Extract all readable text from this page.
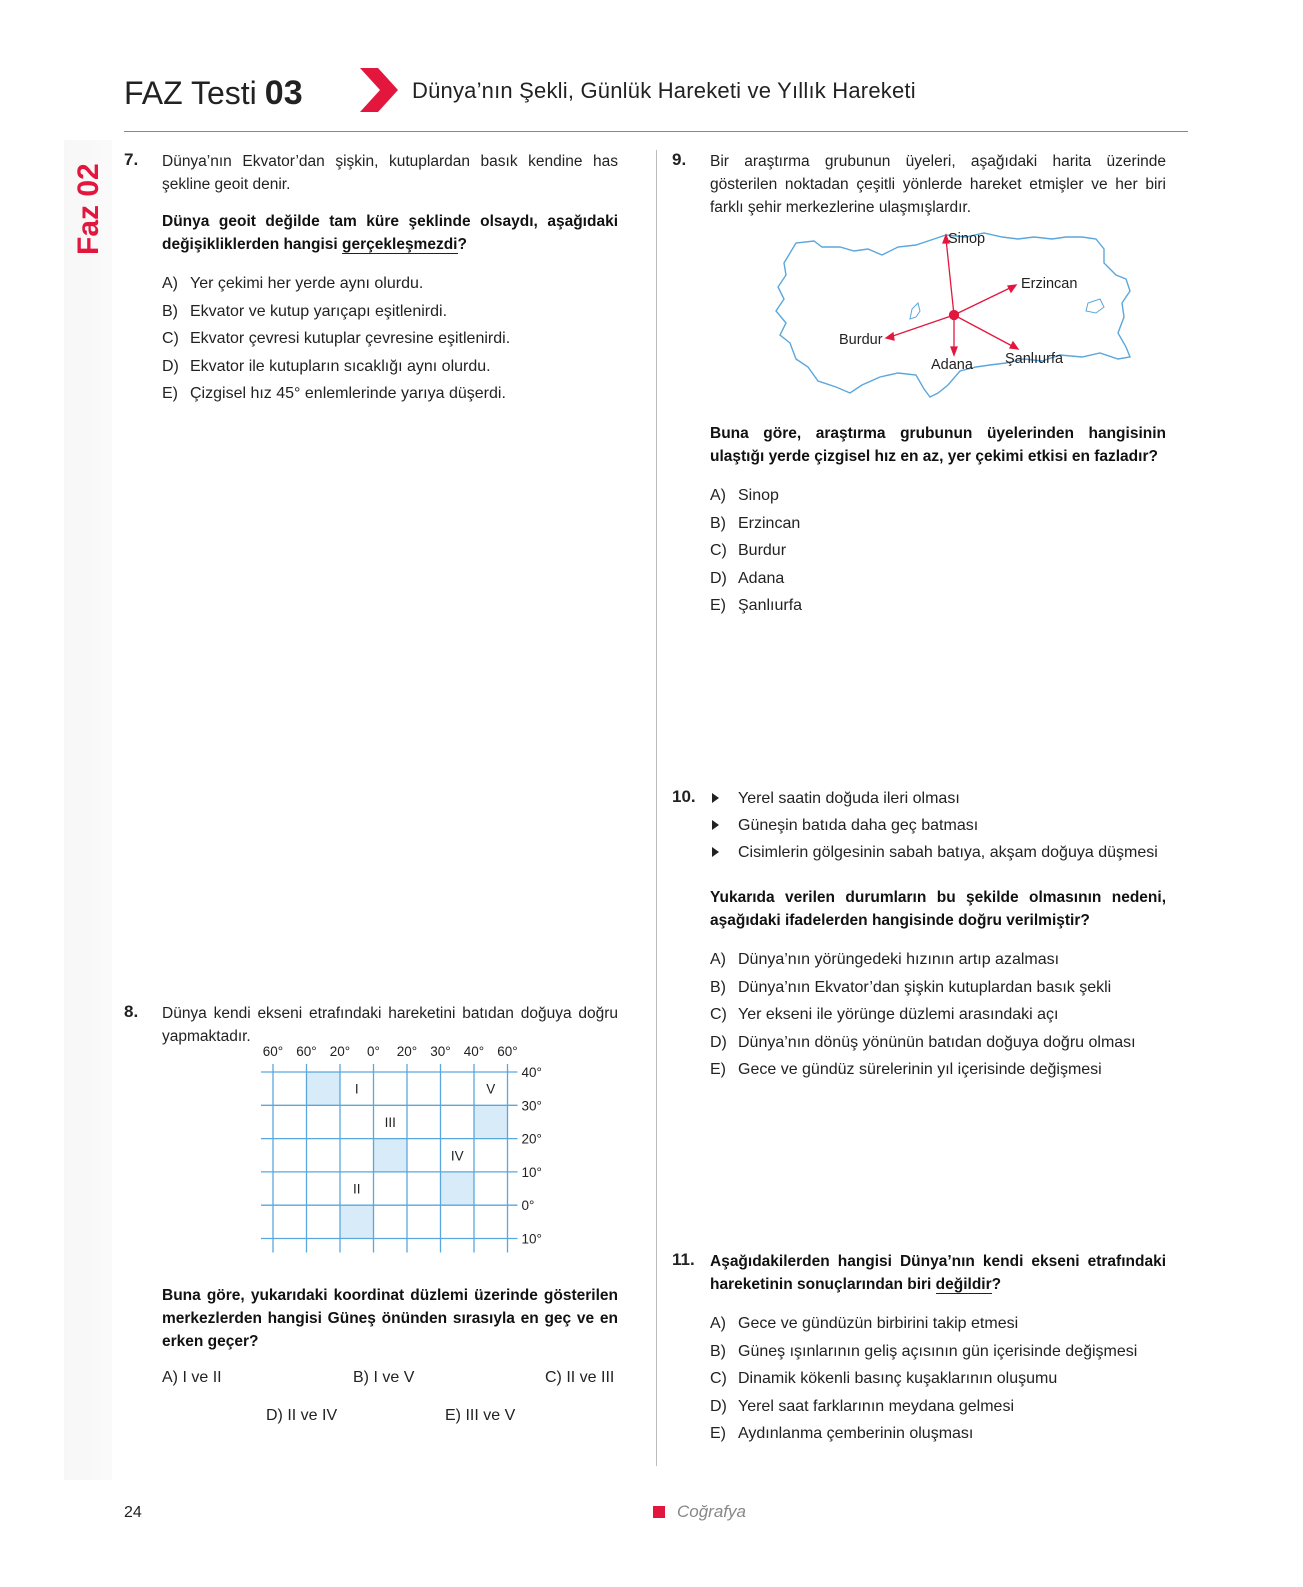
FAZ Testi 03	Dünya’nın Şekli, Günlük Hareketi ve Yıllık Hareketi
Faz 02
7. Dünya’nın Ekvator’dan şişkin, kutuplardan basık kendine has şekline geoit denir.

Dünya geoit değilde tam küre şeklinde olsaydı, aşağıdaki değişikliklerden hangisi gerçekleşmezdi?

A) Yer çekimi her yerde aynı olurdu.
B) Ekvator ve kutup yarıçapı eşitlenirdi.
C) Ekvator çevresi kutuplar çevresine eşitlenirdi.
D) Ekvator ile kutupların sıcaklığı aynı olurdu.
E) Çizgisel hız 45° enlemlerinde yarıya düşerdi.
8. Dünya kendi ekseni etrafındaki hareketini batıdan doğuya doğru yapmaktadır.

60° 60° 20° 0° 20° 30° 40° 60°
40°
30°
20°
10°
0°
10°
I	V
III
IV
II

Buna göre, yukarıdaki koordinat düzlemi üzerinde gösterilen merkezlerden hangisi Güneş önünden sırasıyla en geç ve en erken geçer?

A) I ve II	B) I ve V	C) II ve III
D) II ve IV	E) III ve V
9. Bir araştırma grubunun üyeleri, aşağıdaki harita üzerinde gösterilen noktadan çeşitli yönlerde hareket etmişler ve her biri farklı şehir merkezlerine ulaşmışlardır.

Sinop
Erzincan
Burdur
Adana Şanlıurfa

Buna göre, araştırma grubunun üyelerinden hangisinin ulaştığı yerde çizgisel hız en az, yer çekimi etkisi en fazladır?

A) Sinop
B) Erzincan
C) Burdur
D) Adana
E) Şanlıurfa
10.	Yerel saatin doğuda ileri olması
Güneşin batıda daha geç batması
Cisimlerin gölgesinin sabah batıya, akşam doğuya düşmesi

Yukarıda verilen durumların bu şekilde olmasının nedeni, aşağıdaki ifadelerden hangisinde doğru verilmiştir?

A) Dünya’nın yörüngedeki hızının artıp azalması
B) Dünya’nın Ekvator’dan şişkin kutuplardan basık şekli
C) Yer ekseni ile yörünge düzlemi arasındaki açı
D) Dünya’nın dönüş yönünün batıdan doğuya doğru olması
E) Gece ve gündüz sürelerinin yıl içerisinde değişmesi
11. Aşağıdakilerden hangisi Dünya’nın kendi ekseni etrafındaki hareketinin sonuçlarından biri değildir?

A) Gece ve gündüzün birbirini takip etmesi
B) Güneş ışınlarının geliş açısının gün içerisinde değişmesi
C) Dinamik kökenli basınç kuşaklarının oluşumu
D) Yerel saat farklarının meydana gelmesi
E) Aydınlanma çemberinin oluşması
24	Coğrafya
